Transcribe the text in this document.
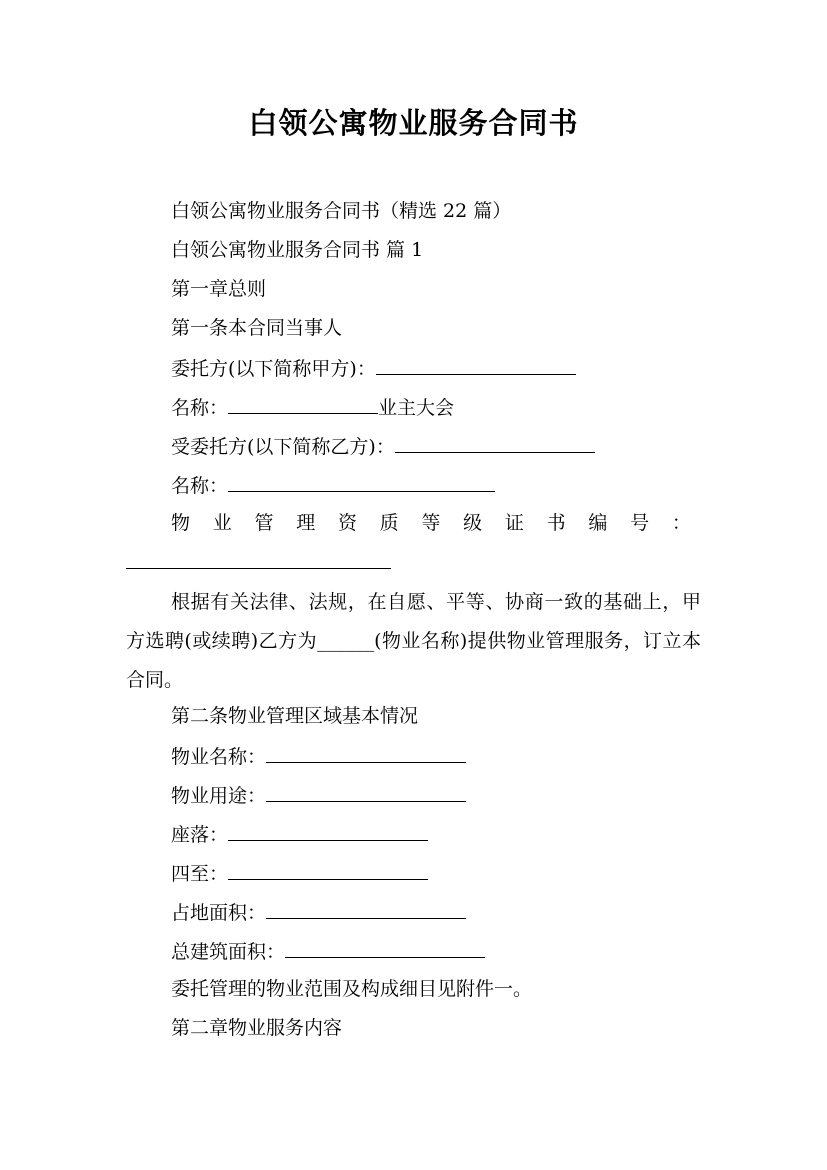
白领公寓物业服务合同书
白领公寓物业服务合同书（精选 22 篇）
白领公寓物业服务合同书 篇 1
第一章总则
第一条本合同当事人
委托方(以下简称甲方)：
名称：	业主大会
受委托方(以下简称乙方)：
名称：
物 业 管 理 资 质 等 级 证 书 编 号 ：
根据有关法律、法规，在自愿、平等、协商一致的基础上，甲方选聘(或续聘)乙方为______(物业名称)提供物业管理服务，订立本合同。
第二条物业管理区域基本情况
物业名称：
物业用途：
座落：
四至：
占地面积：
总建筑面积：
委托管理的物业范围及构成细目见附件一。
第二章物业服务内容
